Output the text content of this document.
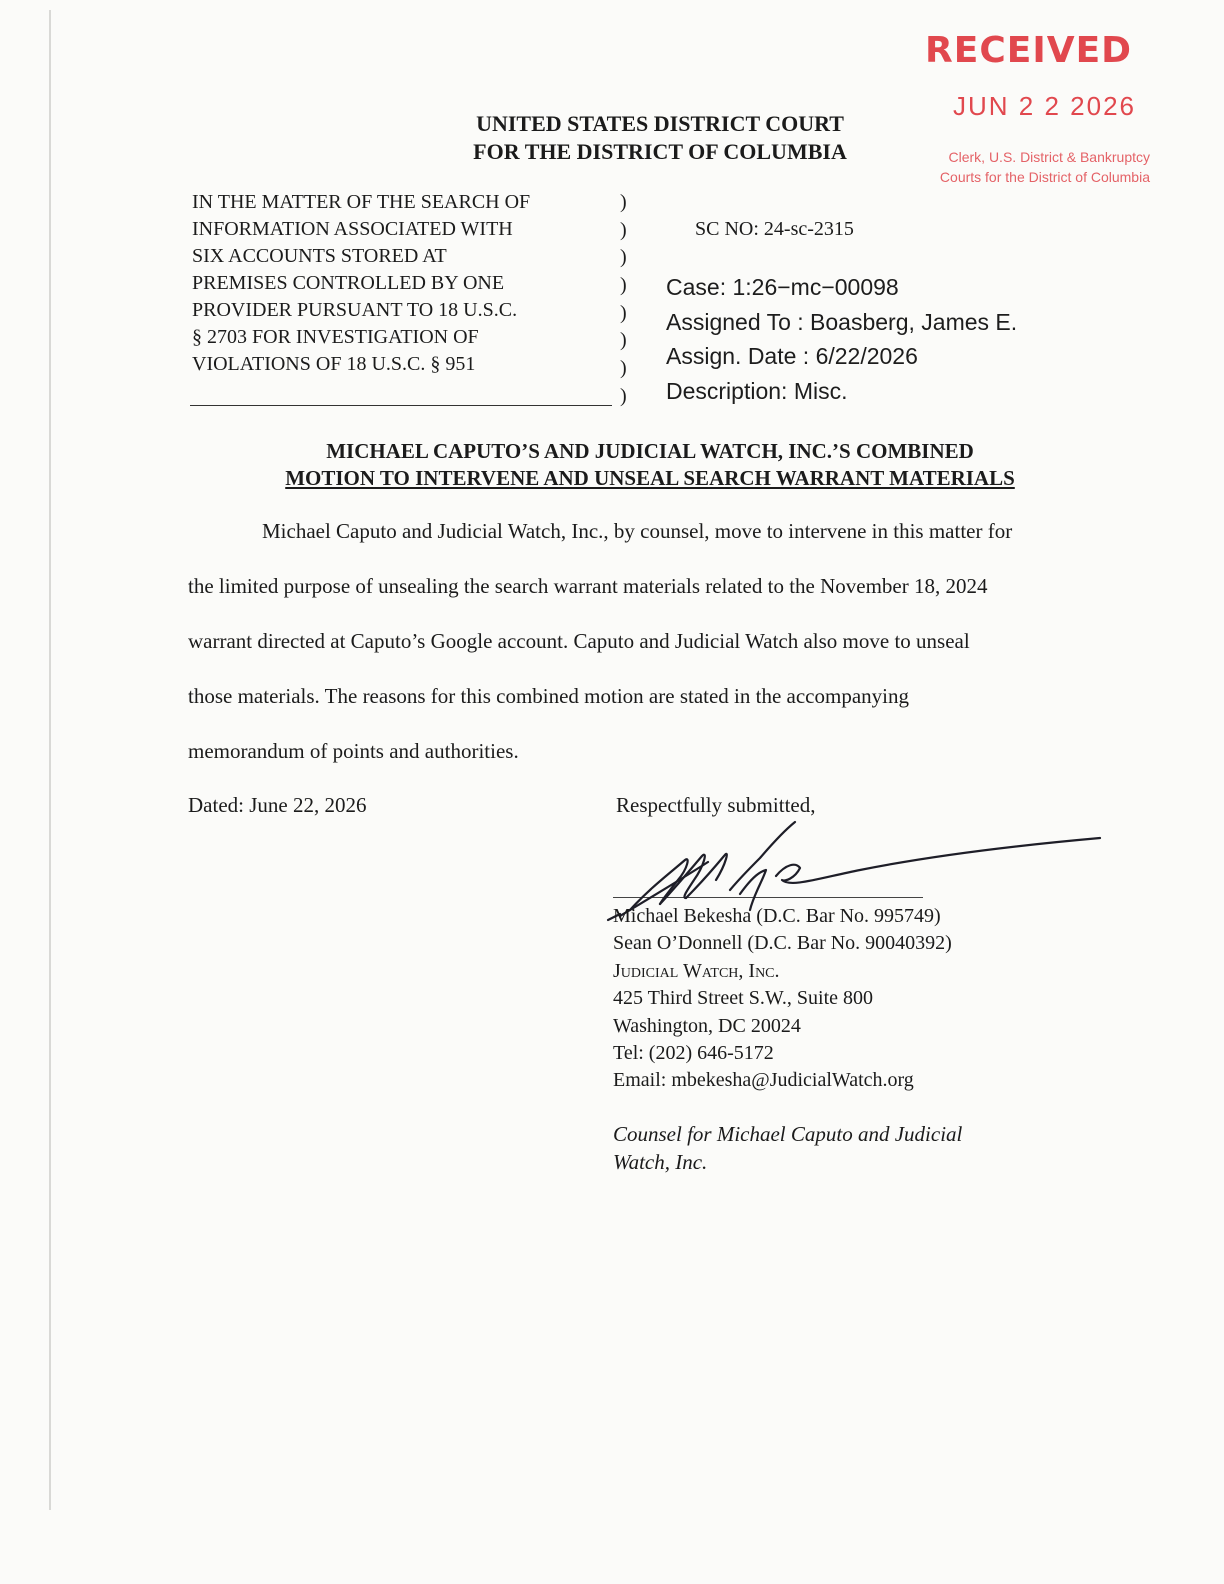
RECEIVED
JUN 2 2 2026
Clerk, U.S. District & Bankruptcy
Courts for the District of Columbia
UNITED STATES DISTRICT COURT
FOR THE DISTRICT OF COLUMBIA
IN THE MATTER OF THE SEARCH OF
INFORMATION ASSOCIATED WITH
SIX ACCOUNTS STORED AT
PREMISES CONTROLLED BY ONE
PROVIDER PURSUANT TO 18 U.S.C.
§ 2703 FOR INVESTIGATION OF
VIOLATIONS OF 18 U.S.C. § 951
)
)
)
)
)
)
)
)
SC NO: 24-sc-2315
Case: 1:26−mc−00098
Assigned To : Boasberg, James E.
Assign. Date : 6/22/2026
Description: Misc.
MICHAEL CAPUTO’S AND JUDICIAL WATCH, INC.’S COMBINED
MOTION TO INTERVENE AND UNSEAL SEARCH WARRANT MATERIALS
Michael Caputo and Judicial Watch, Inc., by counsel, move to intervene in this matter for
the limited purpose of unsealing the search warrant materials related to the November 18, 2024
warrant directed at Caputo’s Google account. Caputo and Judicial Watch also move to unseal
those materials. The reasons for this combined motion are stated in the accompanying
memorandum of points and authorities.
Dated: June 22, 2026	Respectfully submitted,
Michael Bekesha (D.C. Bar No. 995749)
Sean O’Donnell (D.C. Bar No. 90040392)
Judicial Watch, Inc.
425 Third Street S.W., Suite 800
Washington, DC 20024
Tel: (202) 646-5172
Email: mbekesha@JudicialWatch.org
Counsel for Michael Caputo and Judicial
Watch, Inc.
